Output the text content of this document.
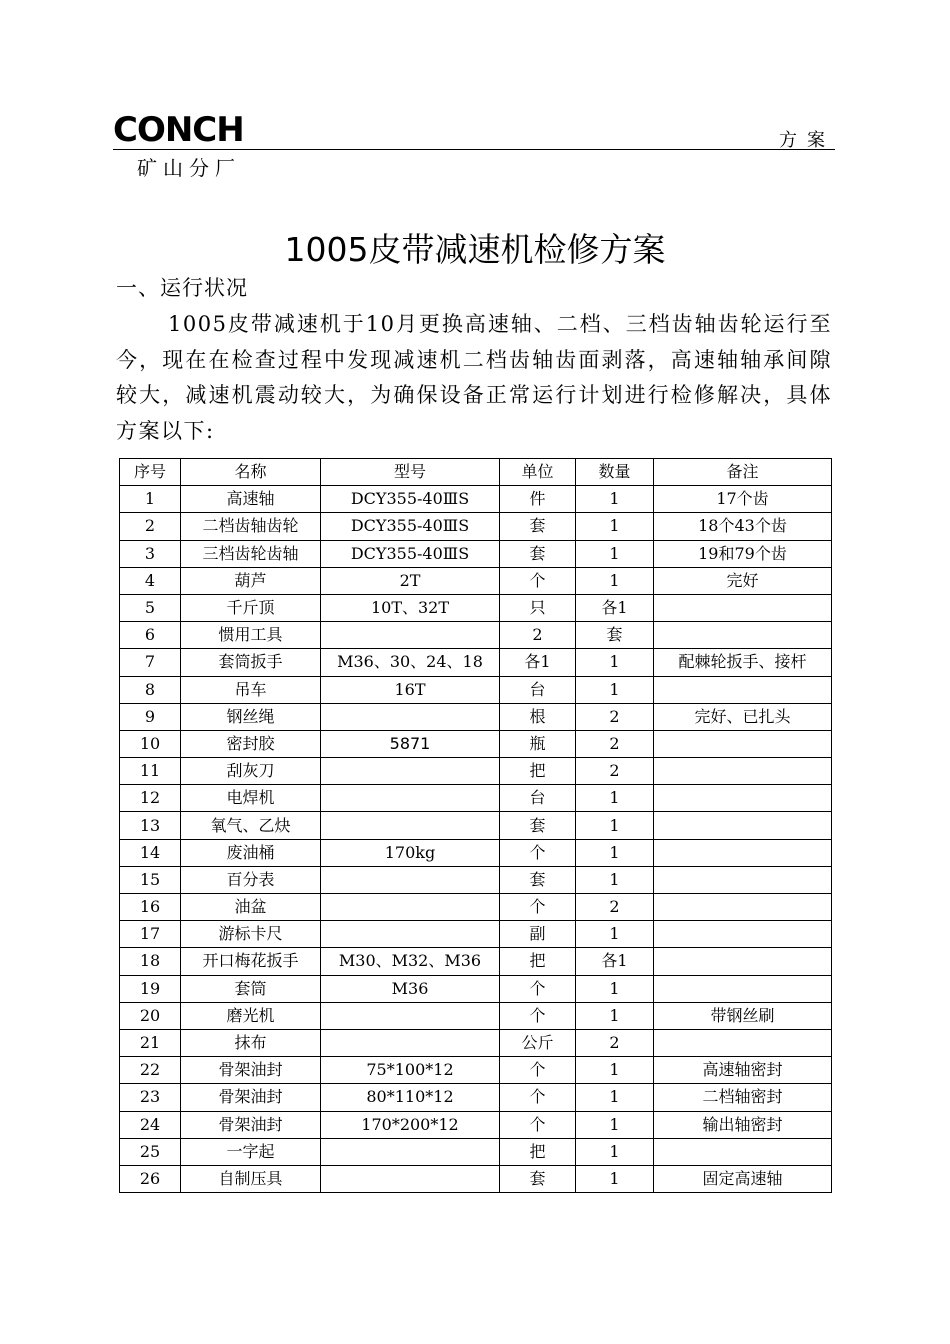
CONCH
矿山分厂
方案
1005皮带减速机检修方案
一、运行状况

1005皮带减速机于10月更换高速轴、二档、三档齿轴齿轮运行至今，现在在检查过程中发现减速机二档齿轴齿面剥落，高速轴轴承间隙较大，减速机震动较大，为确保设备正常运行计划进行检修解决，具体方案以下:

序号	名称	型号	单位	数量	备注
1	高速轴	DCY355-40ⅢS	件	1	17个齿
2	二档齿轴齿轮	DCY355-40ⅢS	套	1	18个43个齿
3	三档齿轮齿轴	DCY355-40ⅢS	套	1	19和79个齿
4	葫芦	2T	个	1	完好
5	千斤顶	10T、32T	只	各1	
6	惯用工具		2	套	
7	套筒扳手	M36、30、24、18	各1	1	配棘轮扳手、接杆
8	吊车	16T	台	1	
9	钢丝绳		根	2	完好、已扎头
10	密封胶	5871	瓶	2	
11	刮灰刀		把	2	
12	电焊机		台	1	
13	氧气、乙炔		套	1	
14	废油桶	170kg	个	1	
15	百分表		套	1	
16	油盆		个	2	
17	游标卡尺		副	1	
18	开口梅花扳手	M30、M32、M36	把	各1	
19	套筒	M36	个	1	
20	磨光机		个	1	带钢丝刷
21	抹布		公斤	2	
22	骨架油封	75*100*12	个	1	高速轴密封
23	骨架油封	80*110*12	个	1	二档轴密封
24	骨架油封	170*200*12	个	1	输出轴密封
25	一字起		把	1	
26	自制压具		套	1	固定高速轴
